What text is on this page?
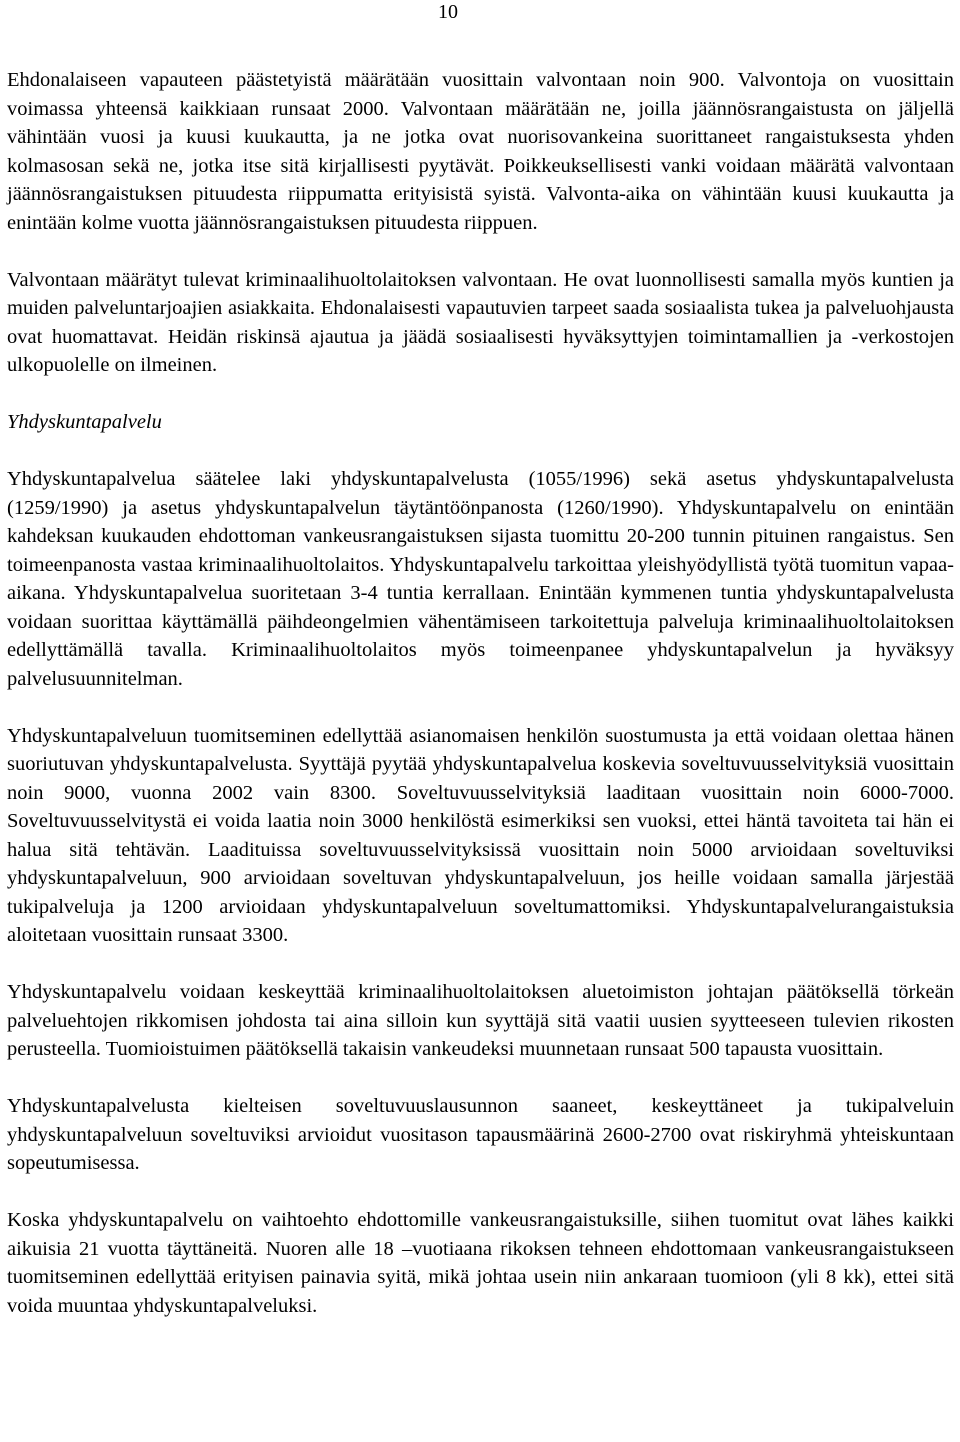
10

Ehdonalaiseen vapauteen päästetyistä määrätään vuosittain valvontaan noin 900. Valvontoja on vuosittain voimassa yhteensä kaikkiaan runsaat 2000. Valvontaan määrätään ne, joilla jäännösrangaistusta on jäljellä vähintään vuosi ja kuusi kuukautta, ja ne jotka ovat nuorisovankeina suorittaneet rangaistuksesta yhden kolmasosan sekä ne, jotka itse sitä kirjallisesti pyytävät. Poikkeuksellisesti vanki voidaan määrätä valvontaan jäännösrangaistuksen pituudesta riippumatta erityisistä syistä. Valvonta-aika on vähintään kuusi kuukautta ja enintään kolme vuotta jäännösrangaistuksen pituudesta riippuen.

Valvontaan määrätyt tulevat kriminaalihuoltolaitoksen valvontaan. He ovat luonnollisesti samalla myös kuntien ja muiden palveluntarjoajien asiakkaita. Ehdonalaisesti vapautuvien tarpeet saada sosiaalista tukea ja palveluohjausta ovat huomattavat. Heidän riskinsä ajautua ja jäädä sosiaalisesti hyväksyttyjen toimintamallien ja -verkostojen ulkopuolelle on ilmeinen.

Yhdyskuntapalvelu

Yhdyskuntapalvelua säätelee laki yhdyskuntapalvelusta (1055/1996) sekä asetus yhdyskuntapalvelusta (1259/1990) ja asetus yhdyskuntapalvelun täytäntöönpanosta (1260/1990). Yhdyskuntapalvelu on enintään kahdeksan kuukauden ehdottoman vankeusrangaistuksen sijasta tuomittu 20-200 tunnin pituinen rangaistus. Sen toimeenpanosta vastaa kriminaalihuoltolaitos. Yhdyskuntapalvelu tarkoittaa yleishyödyllistä työtä tuomitun vapaa-aikana. Yhdyskuntapalvelua suoritetaan 3-4 tuntia kerrallaan. Enintään kymmenen tuntia yhdyskuntapalvelusta voidaan suorittaa käyttämällä päihdeongelmien vähentämiseen tarkoitettuja palveluja kriminaalihuoltolaitoksen edellyttämällä tavalla. Kriminaalihuoltolaitos myös toimeenpanee yhdyskuntapalvelun ja hyväksyy palvelusuunnitelman.

Yhdyskuntapalveluun tuomitseminen edellyttää asianomaisen henkilön suostumusta ja että voidaan olettaa hänen suoriutuvan yhdyskuntapalvelusta. Syyttäjä pyytää yhdyskuntapalvelua koskevia soveltuvuusselvityksiä vuosittain noin 9000, vuonna 2002 vain 8300. Soveltuvuusselvityksiä laaditaan vuosittain noin 6000-7000. Soveltuvuusselvitystä ei voida laatia noin 3000 henkilöstä esimerkiksi sen vuoksi, ettei häntä tavoiteta tai hän ei halua sitä tehtävän. Laadituissa soveltuvuusselvityksissä vuosittain noin 5000 arvioidaan soveltuviksi yhdyskuntapalveluun, 900 arvioidaan soveltuvan yhdyskuntapalveluun, jos heille voidaan samalla järjestää tukipalveluja ja 1200 arvioidaan yhdyskuntapalveluun soveltumattomiksi. Yhdyskuntapalvelurangaistuksia aloitetaan vuosittain runsaat 3300.

Yhdyskuntapalvelu voidaan keskeyttää kriminaalihuoltolaitoksen aluetoimiston johtajan päätöksellä törkeän palveluehtojen rikkomisen johdosta tai aina silloin kun syyttäjä sitä vaatii uusien syytteeseen tulevien rikosten perusteella. Tuomioistuimen päätöksellä takaisin vankeudeksi muunnetaan runsaat 500 tapausta vuosittain.

Yhdyskuntapalvelusta kielteisen soveltuvuuslausunnon saaneet, keskeyttäneet ja tukipalveluin yhdyskuntapalveluun soveltuviksi arvioidut vuositason tapausmäärinä 2600-2700 ovat riskiryhmä yhteiskuntaan sopeutumisessa.

Koska yhdyskuntapalvelu on vaihtoehto ehdottomille vankeusrangaistuksille, siihen tuomitut ovat lähes kaikki aikuisia 21 vuotta täyttäneitä. Nuoren alle 18 –vuotiaana rikoksen tehneen ehdottomaan vankeusrangaistukseen tuomitseminen edellyttää erityisen painavia syitä, mikä johtaa usein niin ankaraan tuomioon (yli 8 kk), ettei sitä voida muuntaa yhdyskuntapalveluksi.
